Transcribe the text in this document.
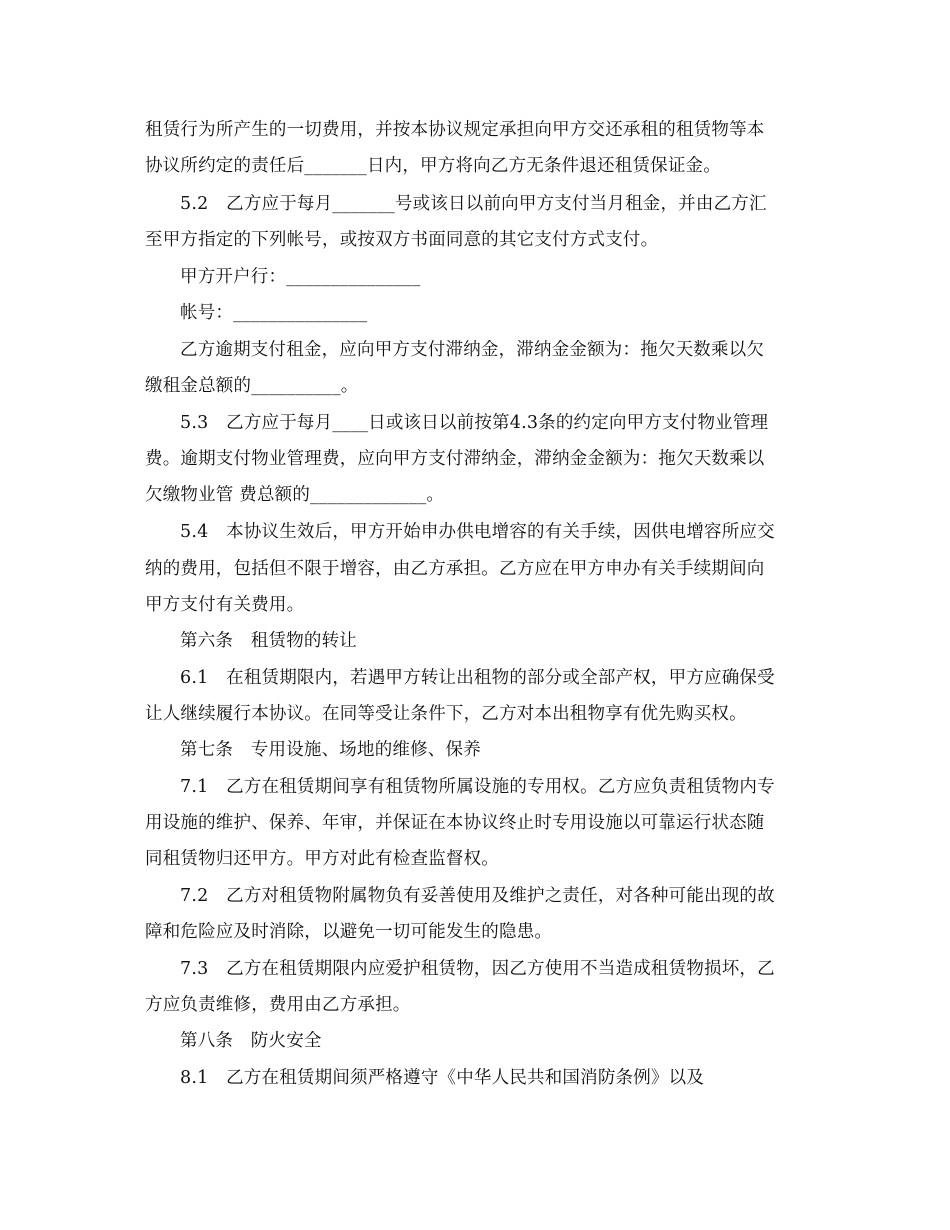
租赁行为所产生的一切费用，并按本协议规定承担向甲方交还承租的租赁物等本
协议所约定的责任后_______日内，甲方将向乙方无条件退还租赁保证金。
5.2　乙方应于每月_______号或该日以前向甲方支付当月租金，并由乙方汇
至甲方指定的下列帐号，或按双方书面同意的其它支付方式支付。
甲方开户行：_______________
帐号：_______________
乙方逾期支付租金，应向甲方支付滞纳金，滞纳金金额为：拖欠天数乘以欠
缴租金总额的__________。
5.3　乙方应于每月____日或该日以前按第4.3条的约定向甲方支付物业管理
费。逾期支付物业管理费，应向甲方支付滞纳金，滞纳金金额为：拖欠天数乘以
欠缴物业管 费总额的_____________。
5.4　本协议生效后，甲方开始申办供电增容的有关手续，因供电增容所应交
纳的费用，包括但不限于增容，由乙方承担。乙方应在甲方申办有关手续期间向
甲方支付有关费用。
第六条　租赁物的转让
6.1　在租赁期限内，若遇甲方转让出租物的部分或全部产权，甲方应确保受
让人继续履行本协议。在同等受让条件下，乙方对本出租物享有优先购买权。
第七条　专用设施、场地的维修、保养
7.1　乙方在租赁期间享有租赁物所属设施的专用权。乙方应负责租赁物内专
用设施的维护、保养、年审，并保证在本协议终止时专用设施以可靠运行状态随
同租赁物归还甲方。甲方对此有检查监督权。
7.2　乙方对租赁物附属物负有妥善使用及维护之责任，对各种可能出现的故
障和危险应及时消除，以避免一切可能发生的隐患。
7.3　乙方在租赁期限内应爱护租赁物，因乙方使用不当造成租赁物损坏，乙
方应负责维修，费用由乙方承担。
第八条　防火安全
8.1　乙方在租赁期间须严格遵守《中华人民共和国消防条例》以及
